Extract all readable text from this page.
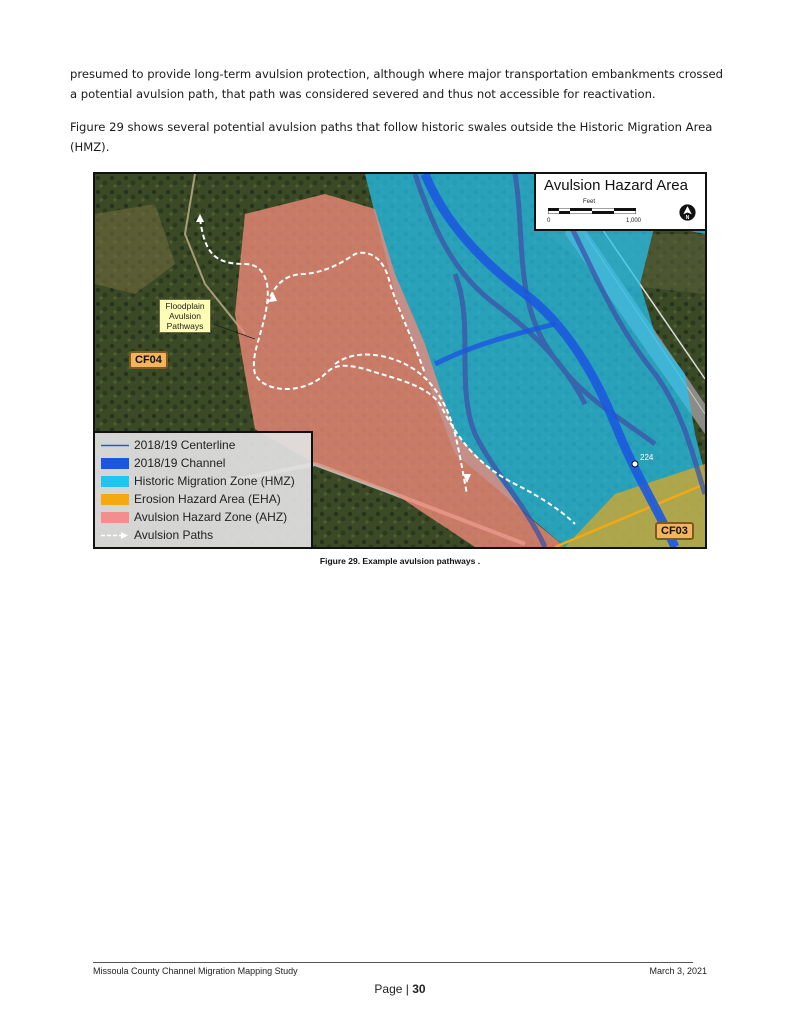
presumed to provide long-term avulsion protection, although where major transportation embankments crossed a potential avulsion path, that path was considered severed and thus not accessible for reactivation.

Figure 29 shows several potential avulsion paths that follow historic swales outside the Historic Migration Area (HMZ).

Avulsion Hazard Area
Feet
0	1,000
N
Floodplain Avulsion Pathways
CF04
CF03
224
2018/19 Centerline
2018/19 Channel
Historic Migration Zone (HMZ)
Erosion Hazard Area (EHA)
Avulsion Hazard Zone (AHZ)
Avulsion Paths
Figure 29. Example avulsion pathways .
Missoula County Channel Migration Mapping Study	March 3, 2021
Page | 30
